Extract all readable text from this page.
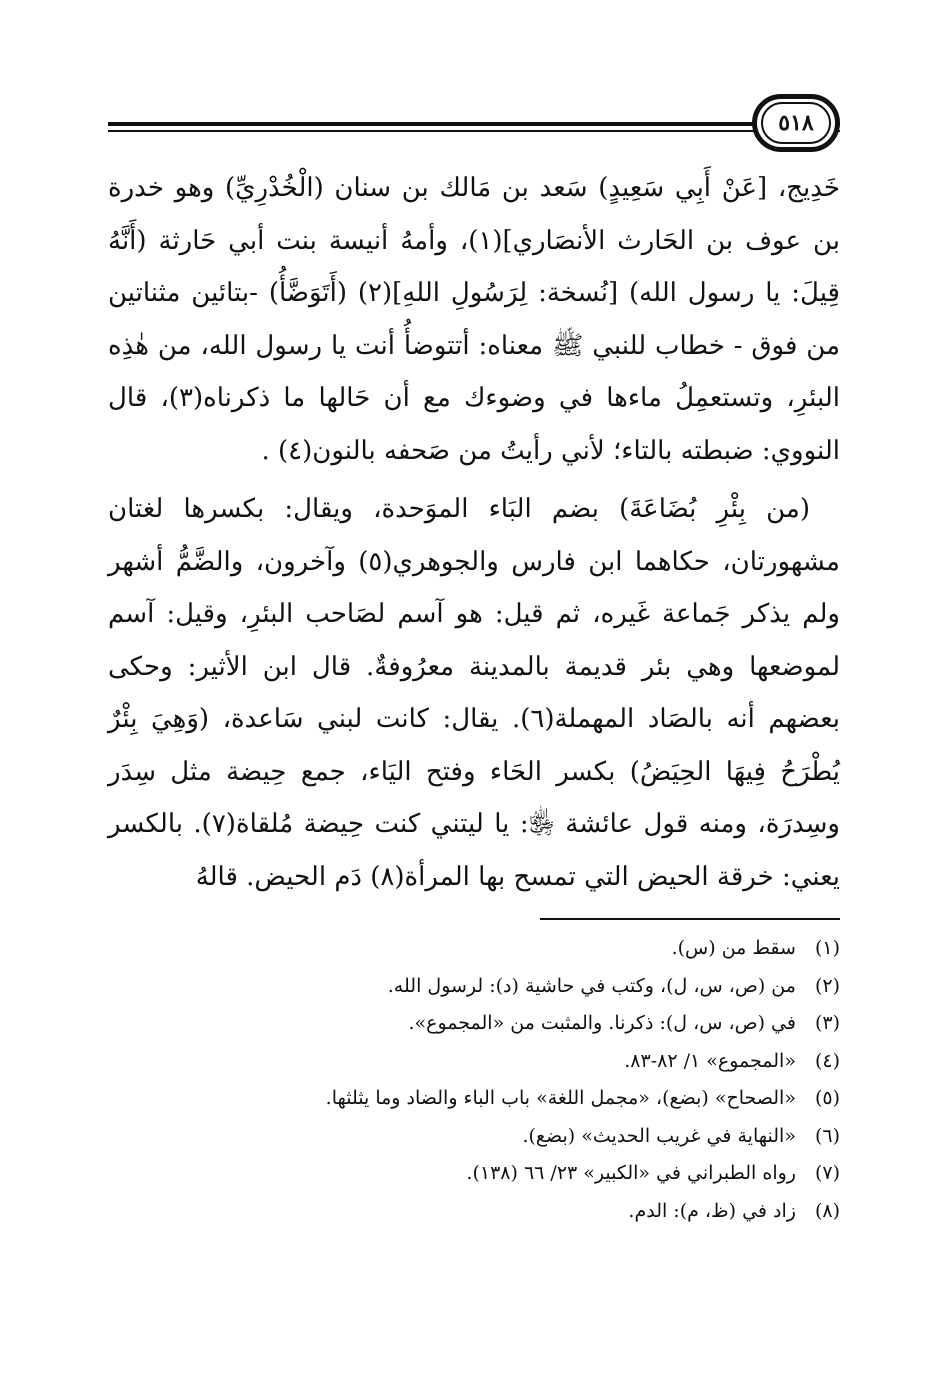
٥١٨

خَدِيج، [عَنْ أَبِي سَعِيدٍ) سَعد بن مَالك بن سنان (الْخُدْرِيِّ) وهو خدرة بن عوف بن الحَارث الأنصَاري](١)، وأمهُ أنيسة بنت أبي حَارثة (أَنَّهُ قِيلَ: يا رسول الله) [نُسخة: لِرَسُولِ اللهِ](٢) (أَتَوَضَّأُ) -بتائين مثناتين من فوق - خطاب للنبي ﷺ معناه: أتتوضأُ أنت يا رسول الله، من هٰذِه البئرِ، وتستعمِلُ ماءها في وضوءك مع أن حَالها ما ذكرناه(٣)، قال النووي: ضبطته بالتاء؛ لأني رأيتُ من صَحفه بالنون(٤) .

(من بِئْرِ بُضَاعَةَ) بضم البَاء الموَحدة، ويقال: بكسرها لغتان مشهورتان، حكاهما ابن فارس والجوهري(٥) وآخرون، والضَّمُّ أشهر ولم يذكر جَماعة غَيره، ثم قيل: هو آسم لصَاحب البئرِ، وقيل: آسم لموضعها وهي بئر قديمة بالمدينة معرُوفةٌ. قال ابن الأثير: وحكى بعضهم أنه بالصَاد المهملة(٦). يقال: كانت لبني سَاعدة، (وَهِيَ بِئْرٌ يُطْرَحُ فِيهَا الحِيَضُ) بكسر الحَاء وفتح اليَاء، جمع حِيضة مثل سِدَر وسِدرَة، ومنه قول عائشة ﵂: يا ليتني كنت حِيضة مُلقاة(٧). بالكسر يعني: خرقة الحيض التي تمسح بها المرأة(٨) دَم الحيض. قالهُ

(١) سقط من (س).
(٢) من (ص، س، ل)، وكتب في حاشية (د): لرسول الله.
(٣) في (ص، س، ل): ذكرنا. والمثبت من «المجموع».
(٤) «المجموع» ١/ ٨٢-٨٣.
(٥) «الصحاح» (بضع)، «مجمل اللغة» باب الباء والضاد وما يثلثها.
(٦) «النهاية في غريب الحديث» (بضع).
(٧) رواه الطبراني في «الكبير» ٢٣/ ٦٦ (١٣٨).
(٨) زاد في (ظ، م): الدم.
